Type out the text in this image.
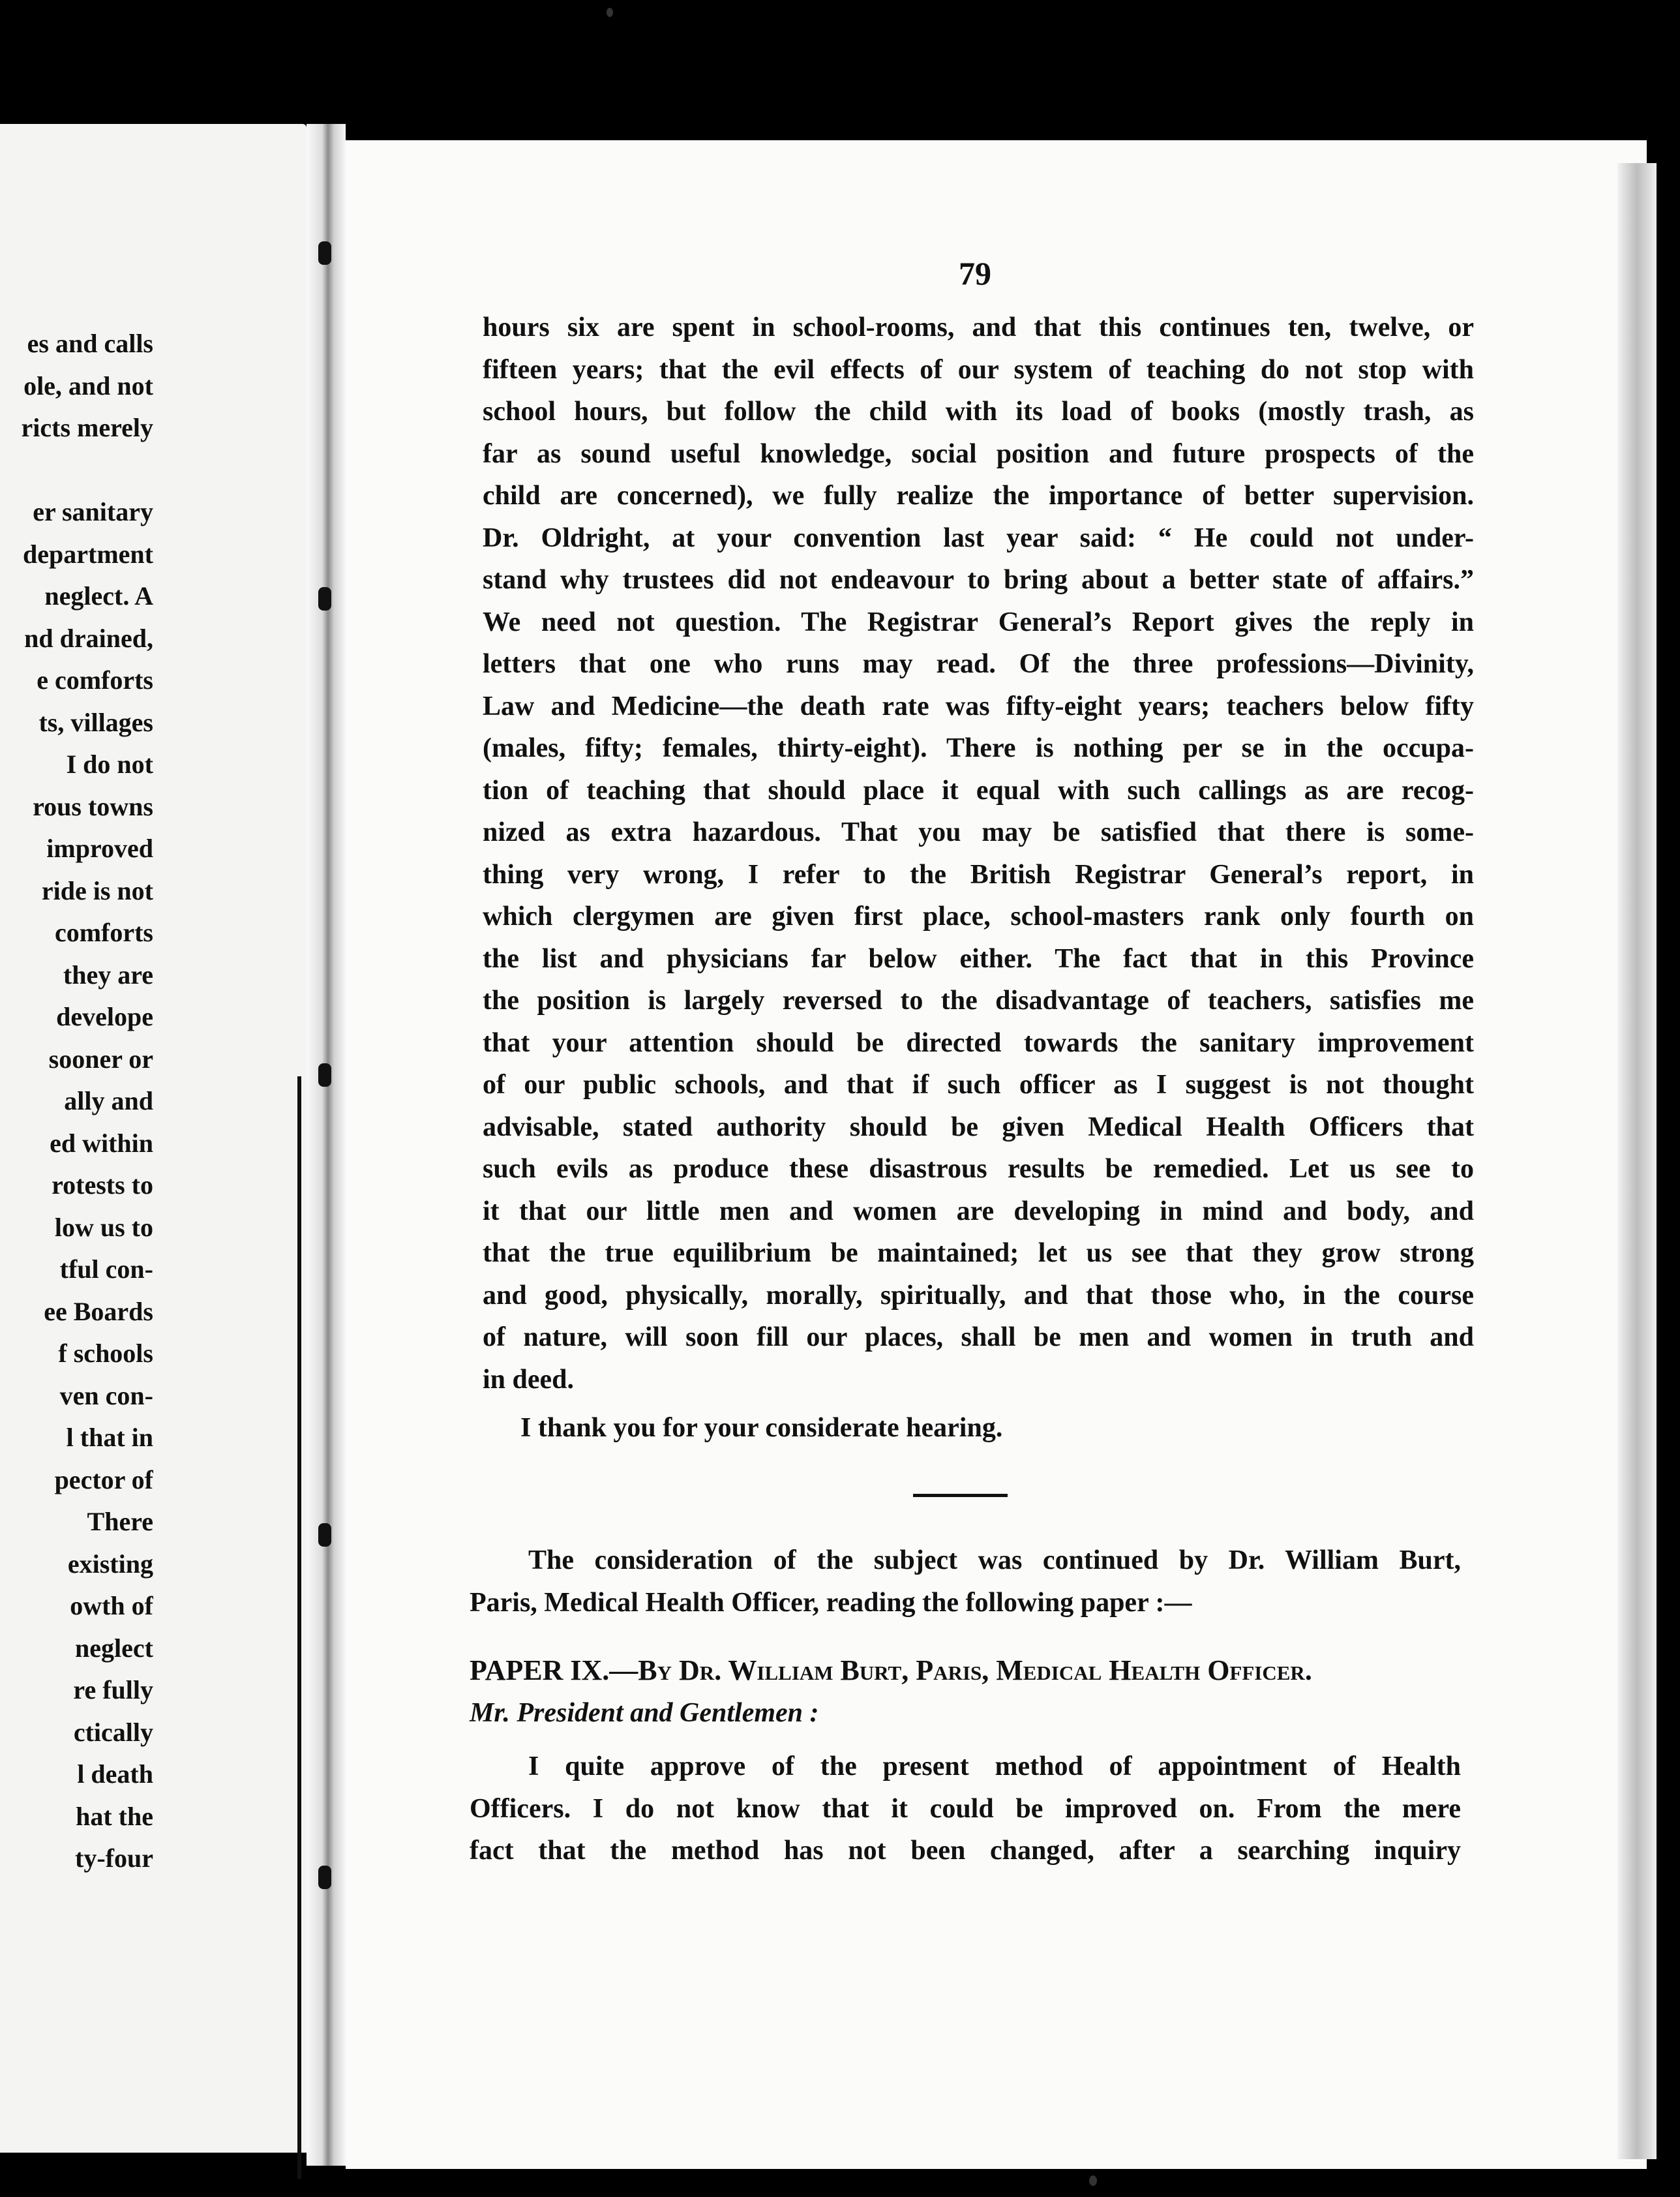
es and calls
ole, and not
ricts merely
er sanitary
department
neglect. A
nd drained,
e comforts
ts, villages
I do not
rous towns
improved
ride is not
comforts
they are
develope
sooner or
ally and
ed within
rotests to
low us to
tful con-
ee Boards
f schools
ven con-
l that in
pector of
There
existing
owth of
neglect
re fully
ctically
l death
hat the
ty-four
79
hours six are spent in school-rooms, and that this continues ten, twelve, or
fifteen years; that the evil effects of our system of teaching do not stop with
school hours, but follow the child with its load of books (mostly trash, as
far as sound useful knowledge, social position and future prospects of the
child are concerned), we fully realize the importance of better supervision.
Dr. Oldright, at your convention last year said: “ He could not under-
stand why trustees did not endeavour to bring about a better state of affairs.”
We need not question. The Registrar General’s Report gives the reply in
letters that one who runs may read. Of the three professions—Divinity,
Law and Medicine—the death rate was fifty-eight years; teachers below fifty
(males, fifty; females, thirty-eight). There is nothing per se in the occupa-
tion of teaching that should place it equal with such callings as are recog-
nized as extra hazardous. That you may be satisfied that there is some-
thing very wrong, I refer to the British Registrar General’s report, in
which clergymen are given first place, school-masters rank only fourth on
the list and physicians far below either. The fact that in this Province
the position is largely reversed to the disadvantage of teachers, satisfies me
that your attention should be directed towards the sanitary improvement
of our public schools, and that if such officer as I suggest is not thought
advisable, stated authority should be given Medical Health Officers that
such evils as produce these disastrous results be remedied. Let us see to
it that our little men and women are developing in mind and body, and
that the true equilibrium be maintained; let us see that they grow strong
and good, physically, morally, spiritually, and that those who, in the course
of nature, will soon fill our places, shall be men and women in truth and
in deed.
I thank you for your considerate hearing.
The consideration of the subject was continued by Dr. William Burt,
Paris, Medical Health Officer, reading the following paper :—
PAPER IX.—By Dr. William Burt, Paris, Medical Health Officer.
Mr. President and Gentlemen :
I quite approve of the present method of appointment of Health
Officers. I do not know that it could be improved on. From the mere
fact that the method has not been changed, after a searching inquiry
